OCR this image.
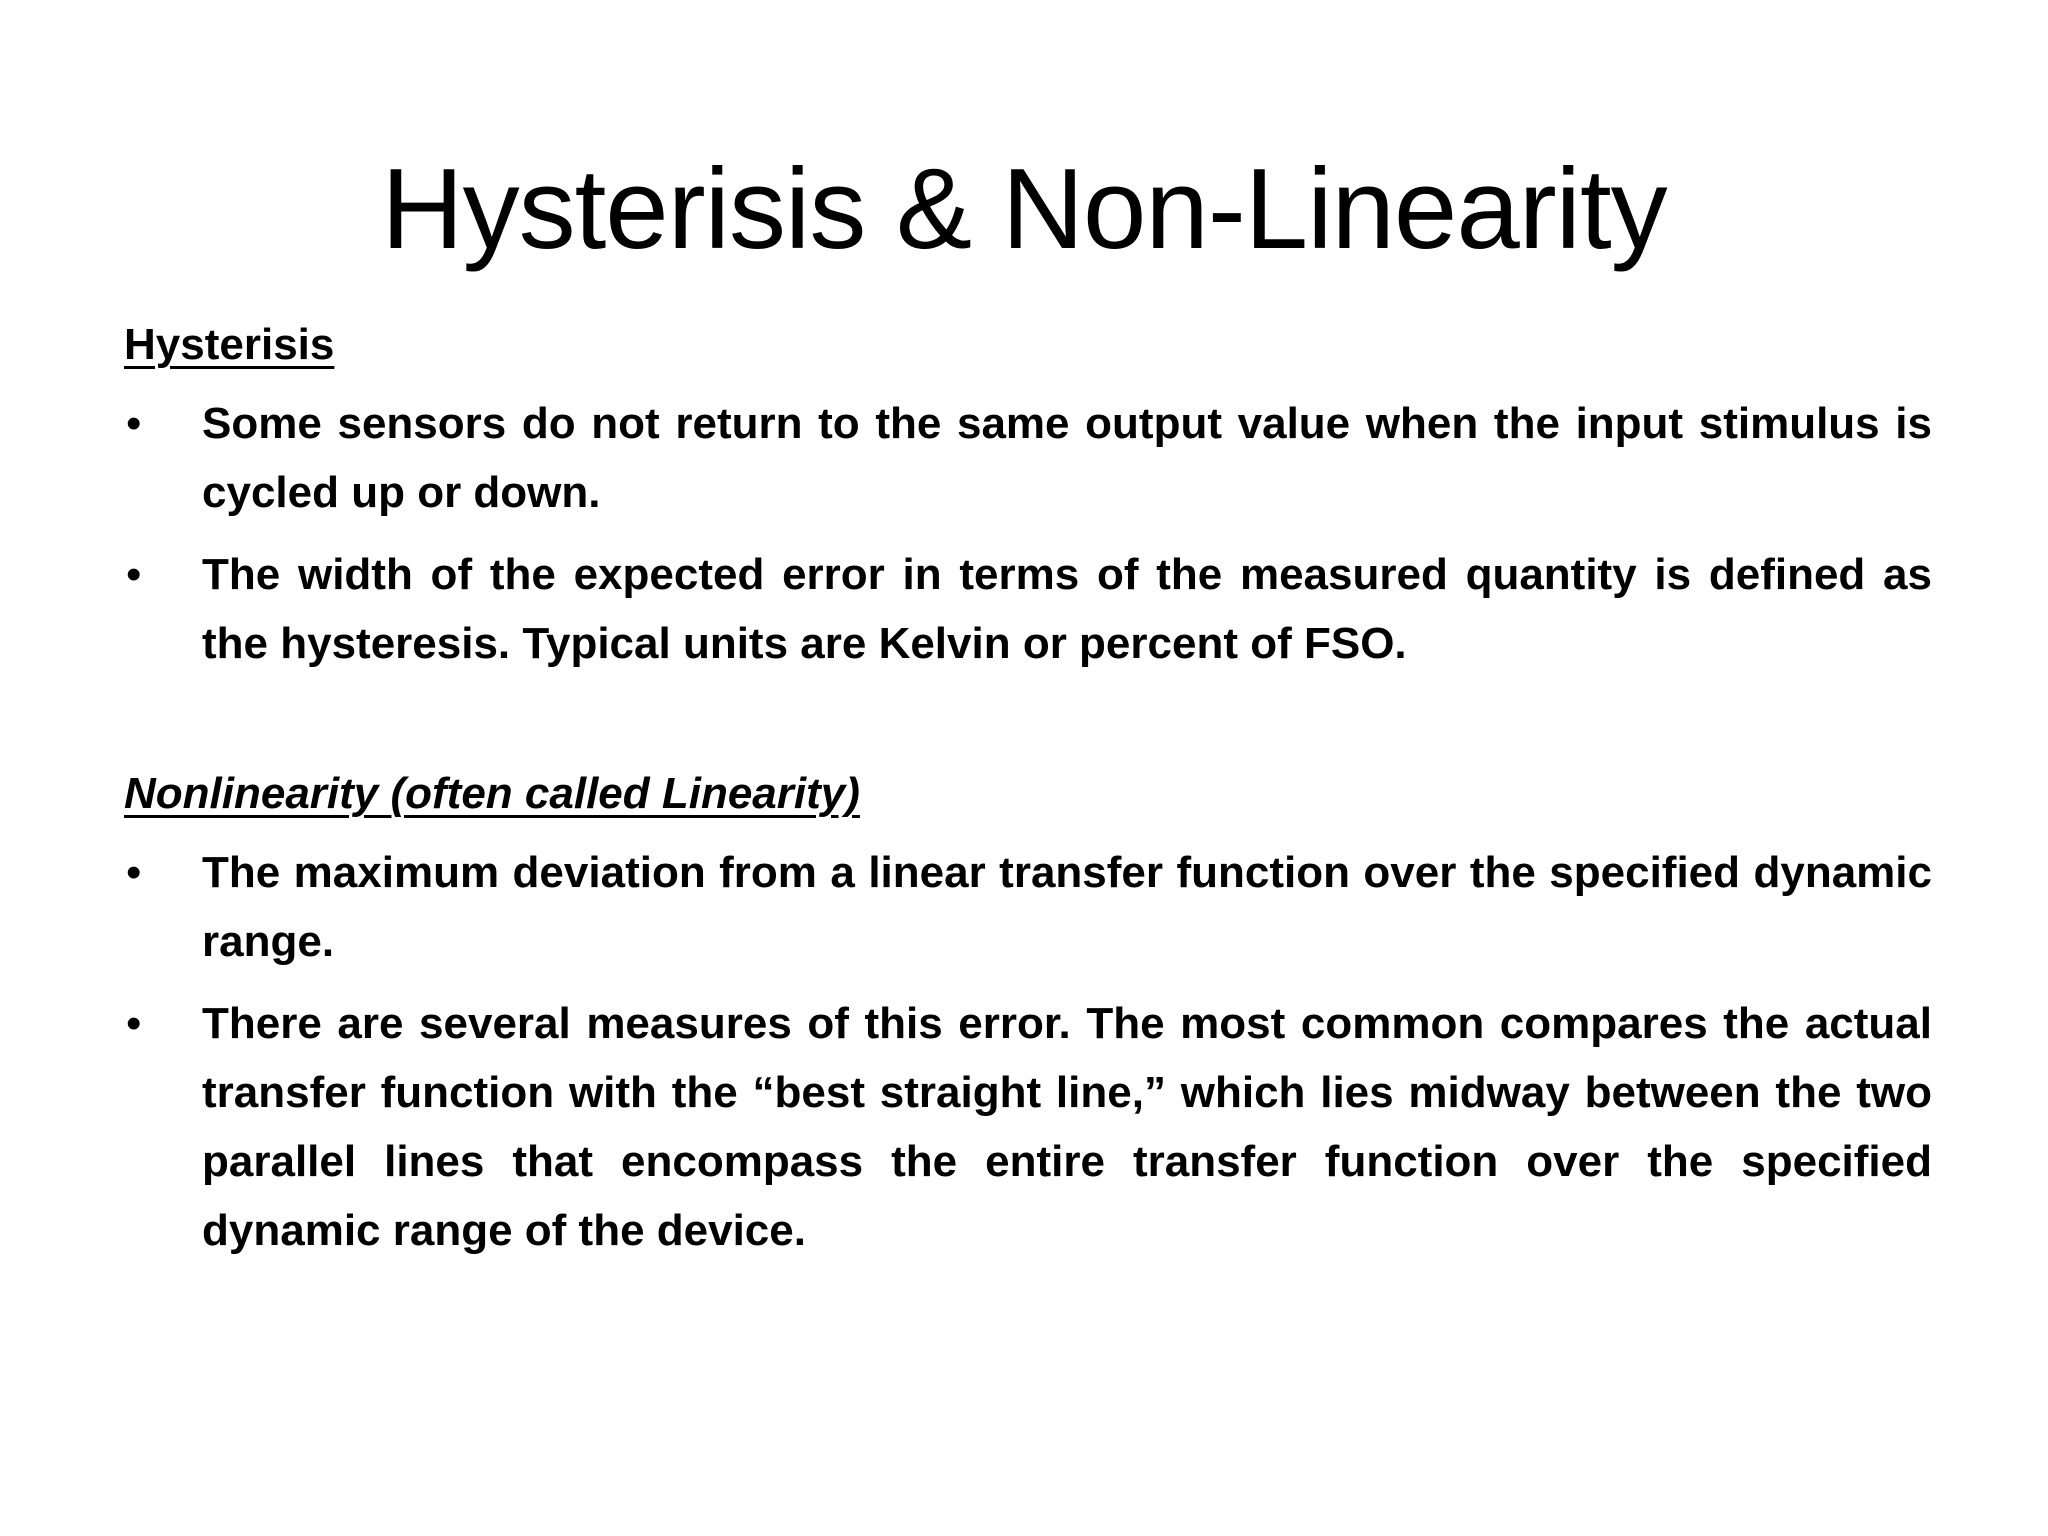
Hysterisis & Non-Linearity
Hysterisis
• Some sensors do not return to the same output value when the input stimulus is cycled up or down.
• The width of the expected error in terms of the measured quantity is defined as the hysteresis. Typical units are Kelvin or percent of FSO.
Nonlinearity (often called Linearity)
• The maximum deviation from a linear transfer function over the specified dynamic range.
• There are several measures of this error. The most common compares the actual transfer function with the “best straight line,” which lies midway between the two parallel lines that encompass the entire transfer function over the specified dynamic range of the device.
